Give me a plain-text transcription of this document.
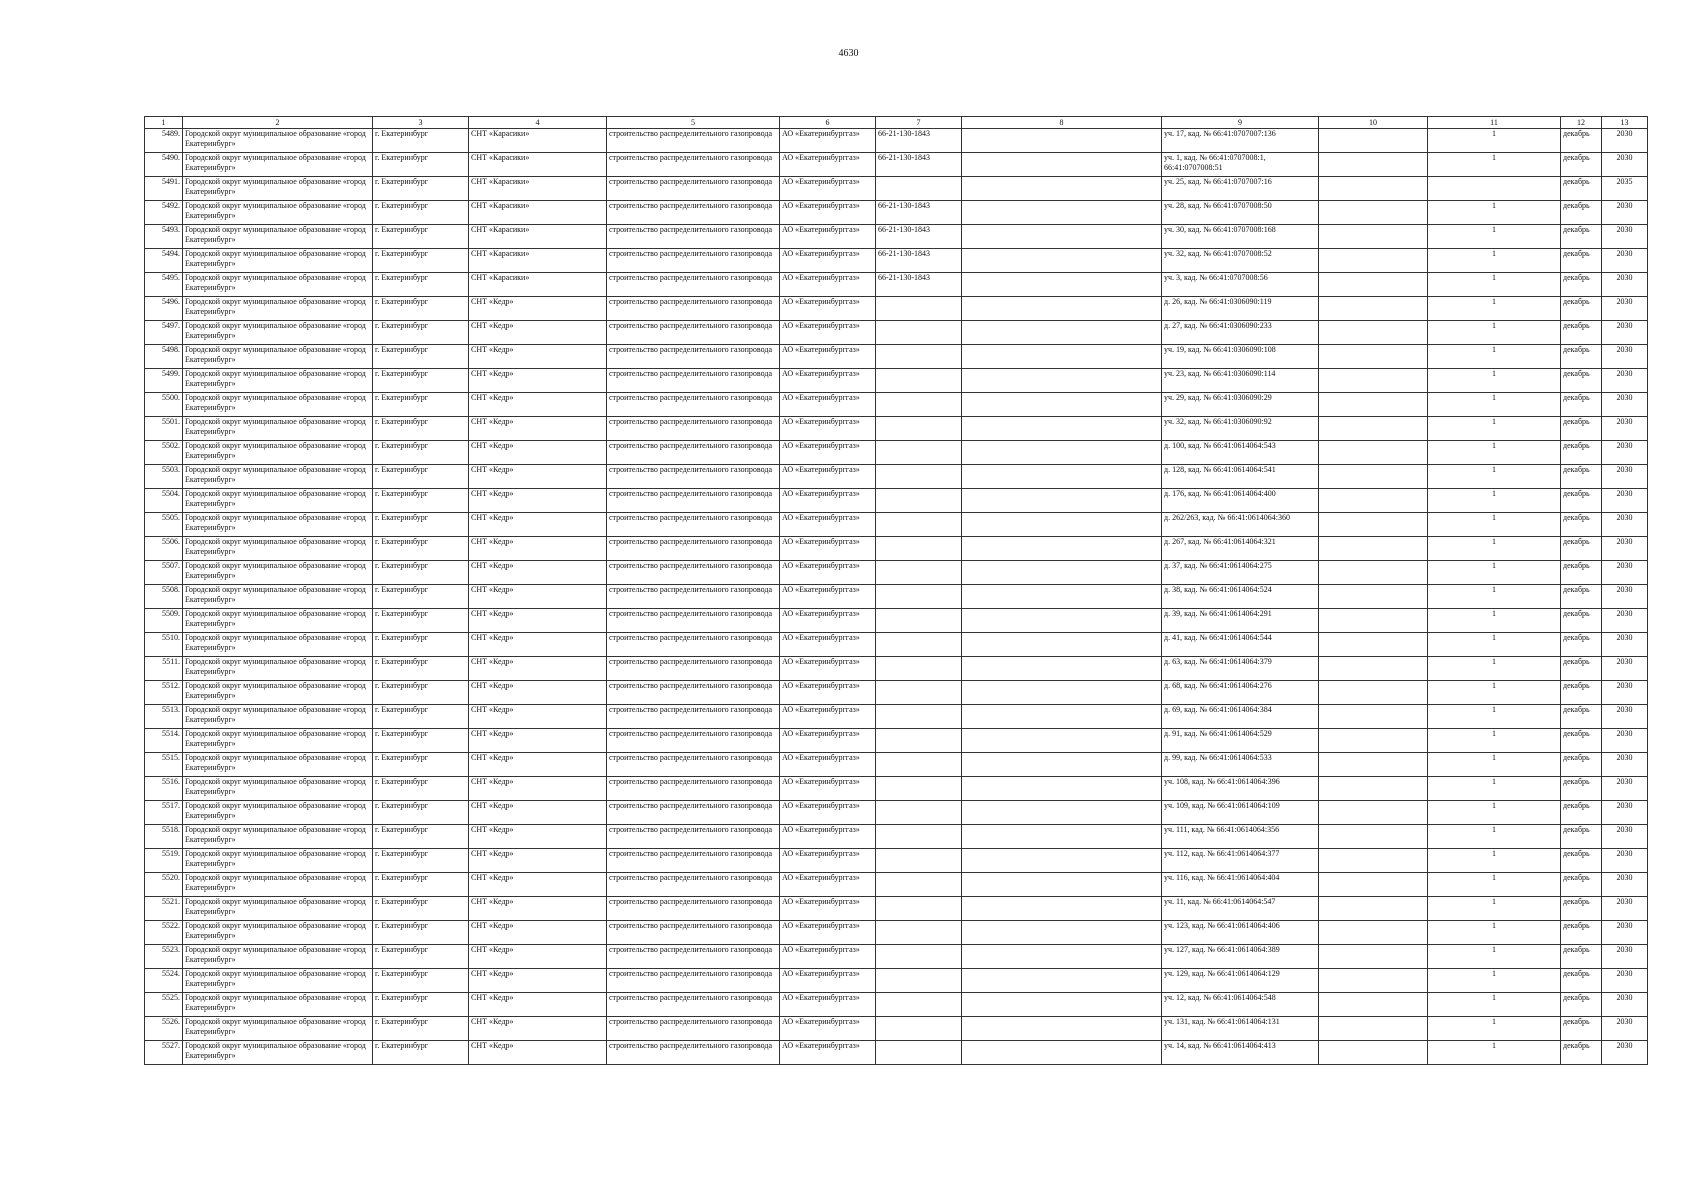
4630
1	2	3	4	5	6	7	8	9	10	11	12	13
5489.	Городской округ муниципальное образование «город Екатеринбург»	г. Екатеринбург	СНТ «Карасики»	строительство распределительного газопровода	АО «Екатеринбурггаз»	66-21-130-1843		уч. 17, кад. № 66:41:0707007:136		1	декабрь	2030
5490.	Городской округ муниципальное образование «город Екатеринбург»	г. Екатеринбург	СНТ «Карасики»	строительство распределительного газопровода	АО «Екатеринбурггаз»	66-21-130-1843		уч. 1, кад. № 66:41:0707008:1, 66:41:0707008:51		1	декабрь	2030
5491.	Городской округ муниципальное образование «город Екатеринбург»	г. Екатеринбург	СНТ «Карасики»	строительство распределительного газопровода	АО «Екатеринбурггаз»			уч. 25, кад. № 66:41:0707007:16			декабрь	2035
5492.	Городской округ муниципальное образование «город Екатеринбург»	г. Екатеринбург	СНТ «Карасики»	строительство распределительного газопровода	АО «Екатеринбурггаз»	66-21-130-1843		уч. 28, кад. № 66:41:0707008:50		1	декабрь	2030
5493.	Городской округ муниципальное образование «город Екатеринбург»	г. Екатеринбург	СНТ «Карасики»	строительство распределительного газопровода	АО «Екатеринбурггаз»	66-21-130-1843		уч. 30, кад. № 66:41:0707008:168		1	декабрь	2030
5494.	Городской округ муниципальное образование «город Екатеринбург»	г. Екатеринбург	СНТ «Карасики»	строительство распределительного газопровода	АО «Екатеринбурггаз»	66-21-130-1843		уч. 32, кад. № 66:41:0707008:52		1	декабрь	2030
5495.	Городской округ муниципальное образование «город Екатеринбург»	г. Екатеринбург	СНТ «Карасики»	строительство распределительного газопровода	АО «Екатеринбурггаз»	66-21-130-1843		уч. 3, кад. № 66:41:0707008:56		1	декабрь	2030
5496.	Городской округ муниципальное образование «город Екатеринбург»	г. Екатеринбург	СНТ «Кедр»	строительство распределительного газопровода	АО «Екатеринбурггаз»			д. 26, кад. № 66:41:0306090:119		1	декабрь	2030
5497.	Городской округ муниципальное образование «город Екатеринбург»	г. Екатеринбург	СНТ «Кедр»	строительство распределительного газопровода	АО «Екатеринбурггаз»			д. 27, кад. № 66:41:0306090:233		1	декабрь	2030
5498.	Городской округ муниципальное образование «город Екатеринбург»	г. Екатеринбург	СНТ «Кедр»	строительство распределительного газопровода	АО «Екатеринбурггаз»			уч. 19, кад. № 66:41:0306090:108		1	декабрь	2030
5499.	Городской округ муниципальное образование «город Екатеринбург»	г. Екатеринбург	СНТ «Кедр»	строительство распределительного газопровода	АО «Екатеринбурггаз»			уч. 23, кад. № 66:41:0306090:114		1	декабрь	2030
5500.	Городской округ муниципальное образование «город Екатеринбург»	г. Екатеринбург	СНТ «Кедр»	строительство распределительного газопровода	АО «Екатеринбурггаз»			уч. 29, кад. № 66:41:0306090:29		1	декабрь	2030
5501.	Городской округ муниципальное образование «город Екатеринбург»	г. Екатеринбург	СНТ «Кедр»	строительство распределительного газопровода	АО «Екатеринбурггаз»			уч. 32, кад. № 66:41:0306090:92		1	декабрь	2030
5502.	Городской округ муниципальное образование «город Екатеринбург»	г. Екатеринбург	СНТ «Кедр»	строительство распределительного газопровода	АО «Екатеринбурггаз»			д. 100, кад. № 66:41:0614064:543		1	декабрь	2030
5503.	Городской округ муниципальное образование «город Екатеринбург»	г. Екатеринбург	СНТ «Кедр»	строительство распределительного газопровода	АО «Екатеринбурггаз»			д. 128, кад. № 66:41:0614064:541		1	декабрь	2030
5504.	Городской округ муниципальное образование «город Екатеринбург»	г. Екатеринбург	СНТ «Кедр»	строительство распределительного газопровода	АО «Екатеринбурггаз»			д. 176, кад. № 66:41:0614064:400		1	декабрь	2030
5505.	Городской округ муниципальное образование «город Екатеринбург»	г. Екатеринбург	СНТ «Кедр»	строительство распределительного газопровода	АО «Екатеринбурггаз»			д. 262/263, кад. № 66:41:0614064:360		1	декабрь	2030
5506.	Городской округ муниципальное образование «город Екатеринбург»	г. Екатеринбург	СНТ «Кедр»	строительство распределительного газопровода	АО «Екатеринбурггаз»			д. 267, кад. № 66:41:0614064:321		1	декабрь	2030
5507.	Городской округ муниципальное образование «город Екатеринбург»	г. Екатеринбург	СНТ «Кедр»	строительство распределительного газопровода	АО «Екатеринбурггаз»			д. 37, кад. № 66:41:0614064:275		1	декабрь	2030
5508.	Городской округ муниципальное образование «город Екатеринбург»	г. Екатеринбург	СНТ «Кедр»	строительство распределительного газопровода	АО «Екатеринбурггаз»			д. 38, кад. № 66:41:0614064:524		1	декабрь	2030
5509.	Городской округ муниципальное образование «город Екатеринбург»	г. Екатеринбург	СНТ «Кедр»	строительство распределительного газопровода	АО «Екатеринбурггаз»			д. 39, кад. № 66:41:0614064:291		1	декабрь	2030
5510.	Городской округ муниципальное образование «город Екатеринбург»	г. Екатеринбург	СНТ «Кедр»	строительство распределительного газопровода	АО «Екатеринбурггаз»			д. 41, кад. № 66:41:0614064:544		1	декабрь	2030
5511.	Городской округ муниципальное образование «город Екатеринбург»	г. Екатеринбург	СНТ «Кедр»	строительство распределительного газопровода	АО «Екатеринбурггаз»			д. 63, кад. № 66:41:0614064:379		1	декабрь	2030
5512.	Городской округ муниципальное образование «город Екатеринбург»	г. Екатеринбург	СНТ «Кедр»	строительство распределительного газопровода	АО «Екатеринбурггаз»			д. 68, кад. № 66:41:0614064:276		1	декабрь	2030
5513.	Городской округ муниципальное образование «город Екатеринбург»	г. Екатеринбург	СНТ «Кедр»	строительство распределительного газопровода	АО «Екатеринбурггаз»			д. 69, кад. № 66:41:0614064:384		1	декабрь	2030
5514.	Городской округ муниципальное образование «город Екатеринбург»	г. Екатеринбург	СНТ «Кедр»	строительство распределительного газопровода	АО «Екатеринбурггаз»			д. 91, кад. № 66:41:0614064:529		1	декабрь	2030
5515.	Городской округ муниципальное образование «город Екатеринбург»	г. Екатеринбург	СНТ «Кедр»	строительство распределительного газопровода	АО «Екатеринбурггаз»			д. 99, кад. № 66:41:0614064:533		1	декабрь	2030
5516.	Городской округ муниципальное образование «город Екатеринбург»	г. Екатеринбург	СНТ «Кедр»	строительство распределительного газопровода	АО «Екатеринбурггаз»			уч. 108, кад. № 66:41:0614064:396		1	декабрь	2030
5517.	Городской округ муниципальное образование «город Екатеринбург»	г. Екатеринбург	СНТ «Кедр»	строительство распределительного газопровода	АО «Екатеринбурггаз»			уч. 109, кад. № 66:41:0614064:109		1	декабрь	2030
5518.	Городской округ муниципальное образование «город Екатеринбург»	г. Екатеринбург	СНТ «Кедр»	строительство распределительного газопровода	АО «Екатеринбурггаз»			уч. 111, кад. № 66:41:0614064:356		1	декабрь	2030
5519.	Городской округ муниципальное образование «город Екатеринбург»	г. Екатеринбург	СНТ «Кедр»	строительство распределительного газопровода	АО «Екатеринбурггаз»			уч. 112, кад. № 66:41:0614064:377		1	декабрь	2030
5520.	Городской округ муниципальное образование «город Екатеринбург»	г. Екатеринбург	СНТ «Кедр»	строительство распределительного газопровода	АО «Екатеринбурггаз»			уч. 116, кад. № 66:41:0614064:404		1	декабрь	2030
5521.	Городской округ муниципальное образование «город Екатеринбург»	г. Екатеринбург	СНТ «Кедр»	строительство распределительного газопровода	АО «Екатеринбурггаз»			уч. 11, кад. № 66:41:0614064:547		1	декабрь	2030
5522.	Городской округ муниципальное образование «город Екатеринбург»	г. Екатеринбург	СНТ «Кедр»	строительство распределительного газопровода	АО «Екатеринбурггаз»			уч. 123, кад. № 66:41:0614064:406		1	декабрь	2030
5523.	Городской округ муниципальное образование «город Екатеринбург»	г. Екатеринбург	СНТ «Кедр»	строительство распределительного газопровода	АО «Екатеринбурггаз»			уч. 127, кад. № 66:41:0614064:389		1	декабрь	2030
5524.	Городской округ муниципальное образование «город Екатеринбург»	г. Екатеринбург	СНТ «Кедр»	строительство распределительного газопровода	АО «Екатеринбурггаз»			уч. 129, кад. № 66:41:0614064:129		1	декабрь	2030
5525.	Городской округ муниципальное образование «город Екатеринбург»	г. Екатеринбург	СНТ «Кедр»	строительство распределительного газопровода	АО «Екатеринбурггаз»			уч. 12, кад. № 66:41:0614064:548		1	декабрь	2030
5526.	Городской округ муниципальное образование «город Екатеринбург»	г. Екатеринбург	СНТ «Кедр»	строительство распределительного газопровода	АО «Екатеринбурггаз»			уч. 131, кад. № 66:41:0614064:131		1	декабрь	2030
5527.	Городской округ муниципальное образование «город Екатеринбург»	г. Екатеринбург	СНТ «Кедр»	строительство распределительного газопровода	АО «Екатеринбурггаз»			уч. 14, кад. № 66:41:0614064:413		1	декабрь	2030
